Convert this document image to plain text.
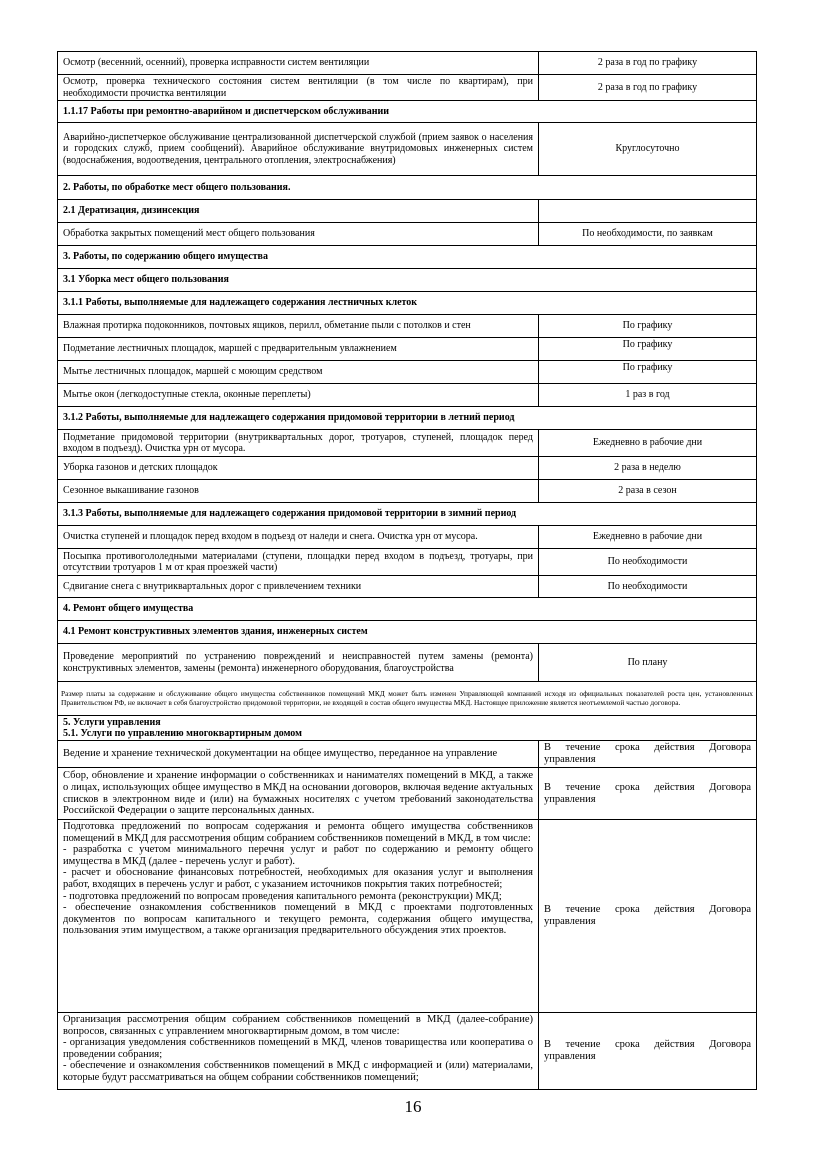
Осмотр (весенний, осенний), проверка исправности систем вентиляции	2 раза в год по графику
Осмотр, проверка технического состояния систем вентиляции (в том числе по квартирам), при необходимости прочистка вентиляции	2 раза в год по графику
1.1.17 Работы при ремонтно-аварийном и диспетчерском обслуживании	
Аварийно-диспетчеркое обслуживание централизованной диспетчерской службой (прием заявок о населения и городских служб, прием сообщений). Аварийное обслуживание внутридомовых инженерных систем (водоснабжения, водоотведения, центрального отопления, электроснабжения)	Круглосуточно
2. Работы, по обработке мест общего пользования.	
2.1 Дератизация, дизинсекция	
Обработка закрытых помещений мест общего пользования	По необходимости, по заявкам
3. Работы, по содержанию общего имущества	
3.1 Уборка мест общего пользования	
3.1.1 Работы, выполняемые для надлежащего содержания лестничных клеток	
Влажная протирка подоконников, почтовых ящиков, перилл, обметание пыли с потолков и стен	По графику
Подметание лестничных площадок, маршей с предварительным увлажнением	По графику
Мытье лестничных площадок, маршей с моющим средством	По графику
Мытье окон (легкодоступные стекла, оконные переплеты)	1 раз в год
3.1.2 Работы, выполняемые для надлежащего содержания придомовой территории в летний период	
Подметание придомовой территории (внутриквартальных дорог, тротуаров, ступеней, площадок перед входом в подъезд). Очистка урн от мусора.	Ежедневно в рабочие дни
Уборка газонов и детских площадок	2 раза в неделю
Сезонное выкашивание газонов	2 раза в сезон
3.1.3 Работы, выполняемые для надлежащего содержания придомовой территории в зимний период	
Очистка ступеней и площадок перед входом в подъезд от наледи и снега. Очистка урн от мусора.	Ежедневно в рабочие дни
Посыпка противогололедными материалами (ступени, площадки перед входом в подъезд, тротуары, при отсутствии тротуаров 1 м от края проезжей части)	По необходимости
Сдвигание снега с внутриквартальных дорог с привлечением техники	По необходимости
4. Ремонт общего имущества	
4.1 Ремонт конструктивных элементов здания, инженерных систем	
Проведение мероприятий по устранению повреждений и неисправностей путем замены (ремонта) конструктивных элементов, замены (ремонта) инженерного оборудования, благоустройства	По плану
Размер платы за содержание и обслуживание общего имущества собственников помещений МКД может быть изменен Управляющей компанией исходя из официальных показателей роста цен, установленных Правительством РФ, не включает в себя благоустройство придомовой территории, не входящей в состав общего имущества МКД. Настоящее приложение является неотъемлемой частью договора.	

5. Услуги управления
5.1. Услуги по управлению многоквартирным домом	

Ведение и хранение технической документации на общее имущество, переданное на управление	В течение срока действия Договора управления
Сбор, обновление и хранение информации о собственниках и нанимателях помещений в МКД, а также о лицах, использующих общее имущество в МКД на основании договоров, включая ведение актуальных списков в электронном виде и (или) на бумажных носителях с учетом требований законодательства Российской Федерации о защите персональных данных.	В течение срока действия Договора управления

Подготовка предложений по вопросам содержания и ремонта общего имущества собственников помещений в МКД для рассмотрения общим собранием собственников помещений в МКД, в том числе:
- разработка с учетом минимального перечня услуг и работ по содержанию и ремонту общего имущества в МКД (далее - перечень услуг и работ).
- расчет и обоснование финансовых потребностей, необходимых для оказания услуг и выполнения работ, входящих в перечень услуг и работ, с указанием источников покрытия таких потребностей;
- подготовка предложений по вопросам проведения капитального ремонта (реконструкции) МКД;
- обеспечение ознакомления собственников помещений в МКД с проектами подготовленных документов по вопросам капитального и текущего ремонта, содержания общего имущества, пользования этим имуществом, а также организация предварительного обсуждения этих проектов.	В течение срока действия Договора управления

Организация рассмотрения общим собранием собственников помещений в МКД (далее-собрание) вопросов, связанных с управлением многоквартирным домом, в том числе:
- организация уведомления собственников помещений в МКД, членов товарищества или кооператива о проведении собрания;
- обеспечение и ознакомления собственников помещений в МКД с информацией и (или) материалами, которые будут рассматриваться на общем собрании собственников помещений;	В течение срока действия Договора управления
16
